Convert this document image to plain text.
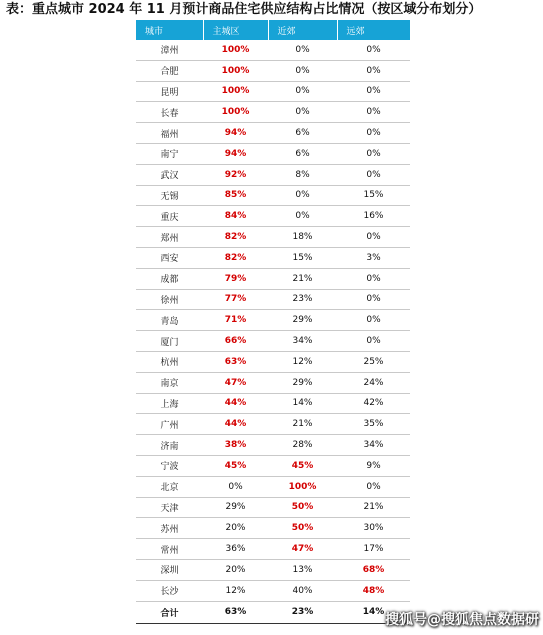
表：重点城市 2024 年 11 月预计商品住宅供应结构占比情况（按区域分布划分）
城市	主城区	近郊	远郊
漳州	100%	0%	0%
合肥	100%	0%	0%
昆明	100%	0%	0%
长春	100%	0%	0%
福州	94%	6%	0%
南宁	94%	6%	0%
武汉	92%	8%	0%
无锡	85%	0%	15%
重庆	84%	0%	16%
郑州	82%	18%	0%
西安	82%	15%	3%
成都	79%	21%	0%
徐州	77%	23%	0%
青岛	71%	29%	0%
厦门	66%	34%	0%
杭州	63%	12%	25%
南京	47%	29%	24%
上海	44%	14%	42%
广州	44%	21%	35%
济南	38%	28%	34%
宁波	45%	45%	9%
北京	0%	100%	0%
天津	29%	50%	21%
苏州	20%	50%	30%
常州	36%	47%	17%
深圳	20%	13%	68%
长沙	12%	40%	48%
合计	63%	23%	14% 搜狐号@搜狐焦点数据研
